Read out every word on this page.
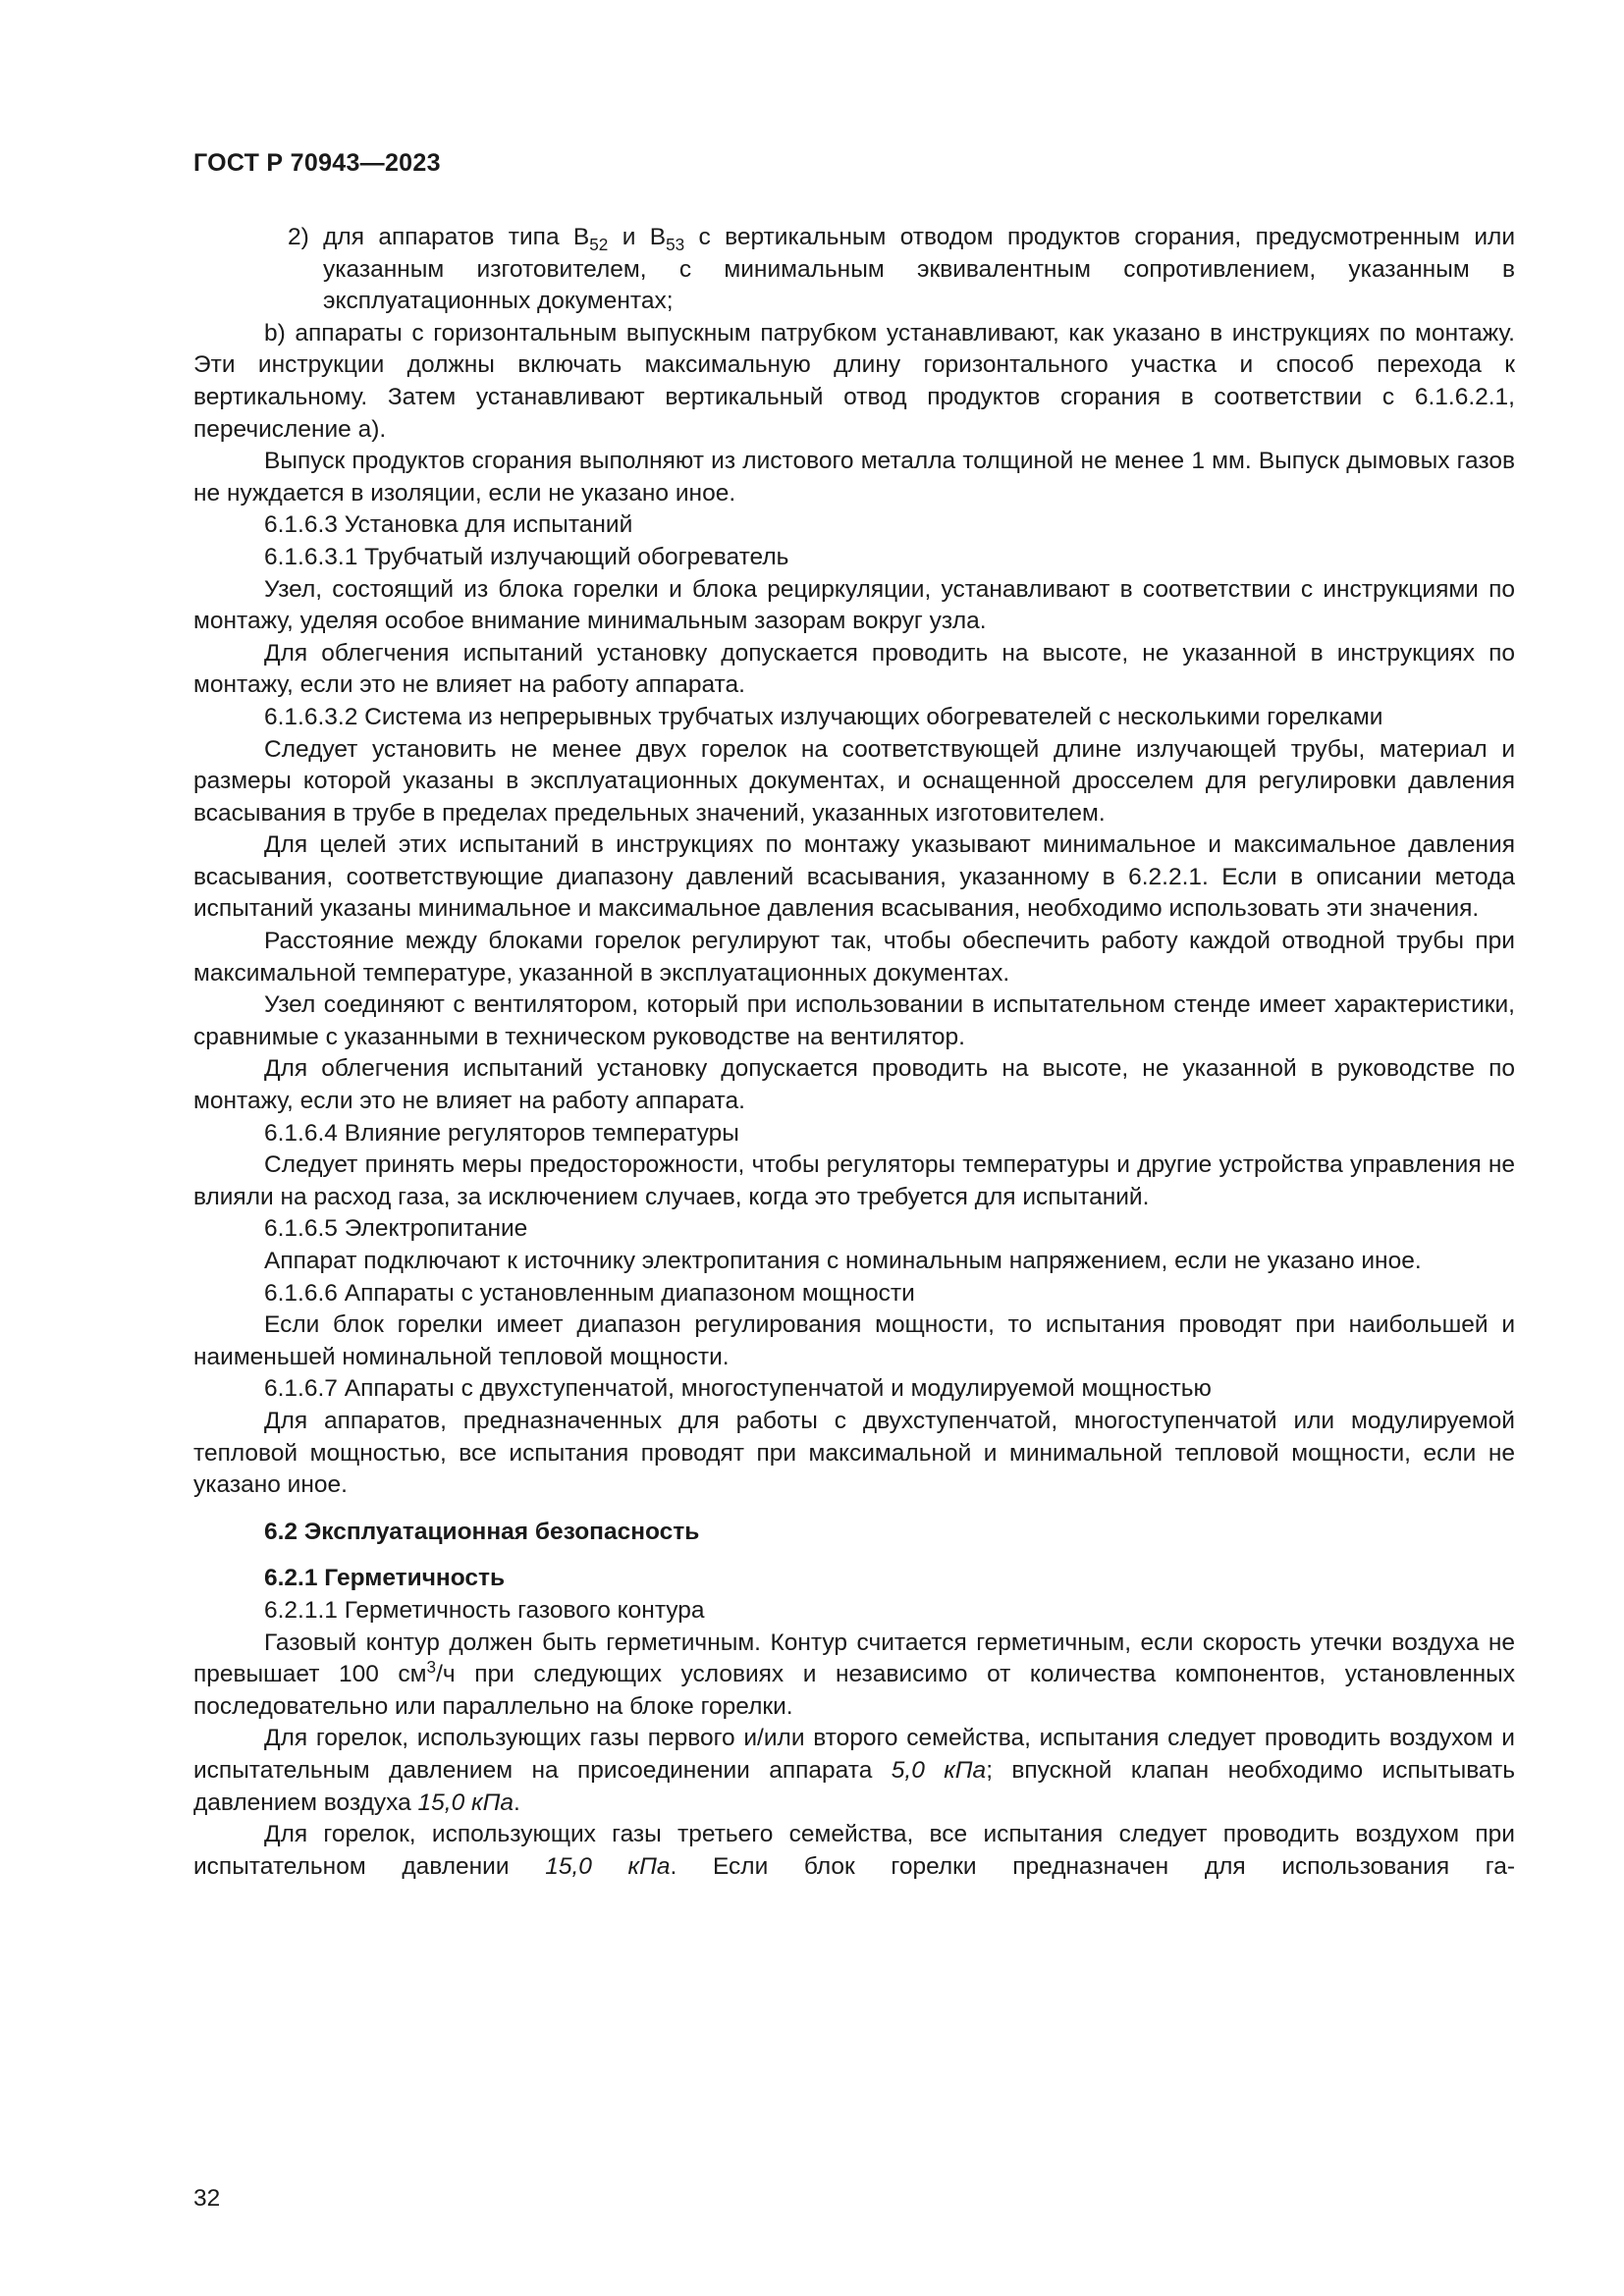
ГОСТ Р 70943—2023

2) для аппаратов типа $B_{52}$ и $B_{53}$ с вертикальным отводом продуктов сгорания, предусмотренным или указанным изготовителем, с минимальным эквивалентным сопротивлением, указанным в эксплуатационных документах;

b) аппараты с горизонтальным выпускным патрубком устанавливают, как указано в инструкциях по монтажу. Эти инструкции должны включать максимальную длину горизонтального участка и способ перехода к вертикальному. Затем устанавливают вертикальный отвод продуктов сгорания в соответствии с 6.1.6.2.1, перечисление а).

Выпуск продуктов сгорания выполняют из листового металла толщиной не менее 1 мм. Выпуск дымовых газов не нуждается в изоляции, если не указано иное.

6.1.6.3 Установка для испытаний

6.1.6.3.1 Трубчатый излучающий обогреватель

Узел, состоящий из блока горелки и блока рециркуляции, устанавливают в соответствии с инструкциями по монтажу, уделяя особое внимание минимальным зазорам вокруг узла.

Для облегчения испытаний установку допускается проводить на высоте, не указанной в инструкциях по монтажу, если это не влияет на работу аппарата.

6.1.6.3.2 Система из непрерывных трубчатых излучающих обогревателей с несколькими горелками

Следует установить не менее двух горелок на соответствующей длине излучающей трубы, материал и размеры которой указаны в эксплуатационных документах, и оснащенной дросселем для регулировки давления всасывания в трубе в пределах предельных значений, указанных изготовителем.

Для целей этих испытаний в инструкциях по монтажу указывают минимальное и максимальное давления всасывания, соответствующие диапазону давлений всасывания, указанному в 6.2.2.1. Если в описании метода испытаний указаны минимальное и максимальное давления всасывания, необходимо использовать эти значения.

Расстояние между блоками горелок регулируют так, чтобы обеспечить работу каждой отводной трубы при максимальной температуре, указанной в эксплуатационных документах.

Узел соединяют с вентилятором, который при использовании в испытательном стенде имеет характеристики, сравнимые с указанными в техническом руководстве на вентилятор.

Для облегчения испытаний установку допускается проводить на высоте, не указанной в руководстве по монтажу, если это не влияет на работу аппарата.

6.1.6.4 Влияние регуляторов температуры

Следует принять меры предосторожности, чтобы регуляторы температуры и другие устройства управления не влияли на расход газа, за исключением случаев, когда это требуется для испытаний.

6.1.6.5 Электропитание

Аппарат подключают к источнику электропитания с номинальным напряжением, если не указано иное.

6.1.6.6 Аппараты с установленным диапазоном мощности

Если блок горелки имеет диапазон регулирования мощности, то испытания проводят при наибольшей и наименьшей номинальной тепловой мощности.

6.1.6.7 Аппараты с двухступенчатой, многоступенчатой и модулируемой мощностью

Для аппаратов, предназначенных для работы с двухступенчатой, многоступенчатой или модулируемой тепловой мощностью, все испытания проводят при максимальной и минимальной тепловой мощности, если не указано иное.

6.2 Эксплуатационная безопасность

6.2.1 Герметичность

6.2.1.1 Герметичность газового контура

Газовый контур должен быть герметичным. Контур считается герметичным, если скорость утечки воздуха не превышает 100 $см^3/ч$ при следующих условиях и независимо от количества компонентов, установленных последовательно или параллельно на блоке горелки.

Для горелок, использующих газы первого и/или второго семейства, испытания следует проводить воздухом и испытательным давлением на присоединении аппарата 5,0 кПа; впускной клапан необходимо испытывать давлением воздуха 15,0 кПа.

Для горелок, использующих газы третьего семейства, все испытания следует проводить воздухом при испытательном давлении 15,0 кПа. Если блок горелки предназначен для использования га-

32
